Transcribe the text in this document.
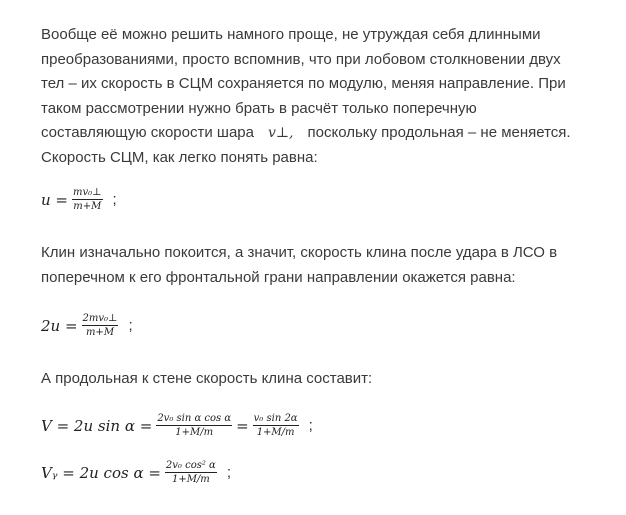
Вообще её можно решить намного проще, не утруждая себя длинными
преобразованиями, просто вспомнив, что при лобовом столкновении двух
тел – их скорость в СЦМ сохраняется по модулю, меняя направление. При
таком рассмотрении нужно брать в расчёт только поперечную
составляющую скорости шара v⊥, поскольку продольная – не меняется.
Скорость СЦМ, как легко понять равна:
$u = \frac{\text{mv₀⊥}}{m+M}$ ;
Клин изначально покоится, а значит, скорость клина после удара в ЛСО в
поперечном к его фронтальной грани направлении окажется равна:
$2u = \frac{\text{2mv₀⊥}}{m+M}$ ;
А продольная к стене скорость клина составит:
V = 2u $\sin \alpha = \frac{\text{2v₀ sin α cos α}}{1+M/m} = \frac{\text{v₀ sin 2α}}{1+M/m}$ ;
Vᵧ = 2u $\cos \alpha = \frac{\text{2v₀ cos² α}}{1+M/m}$ ;
